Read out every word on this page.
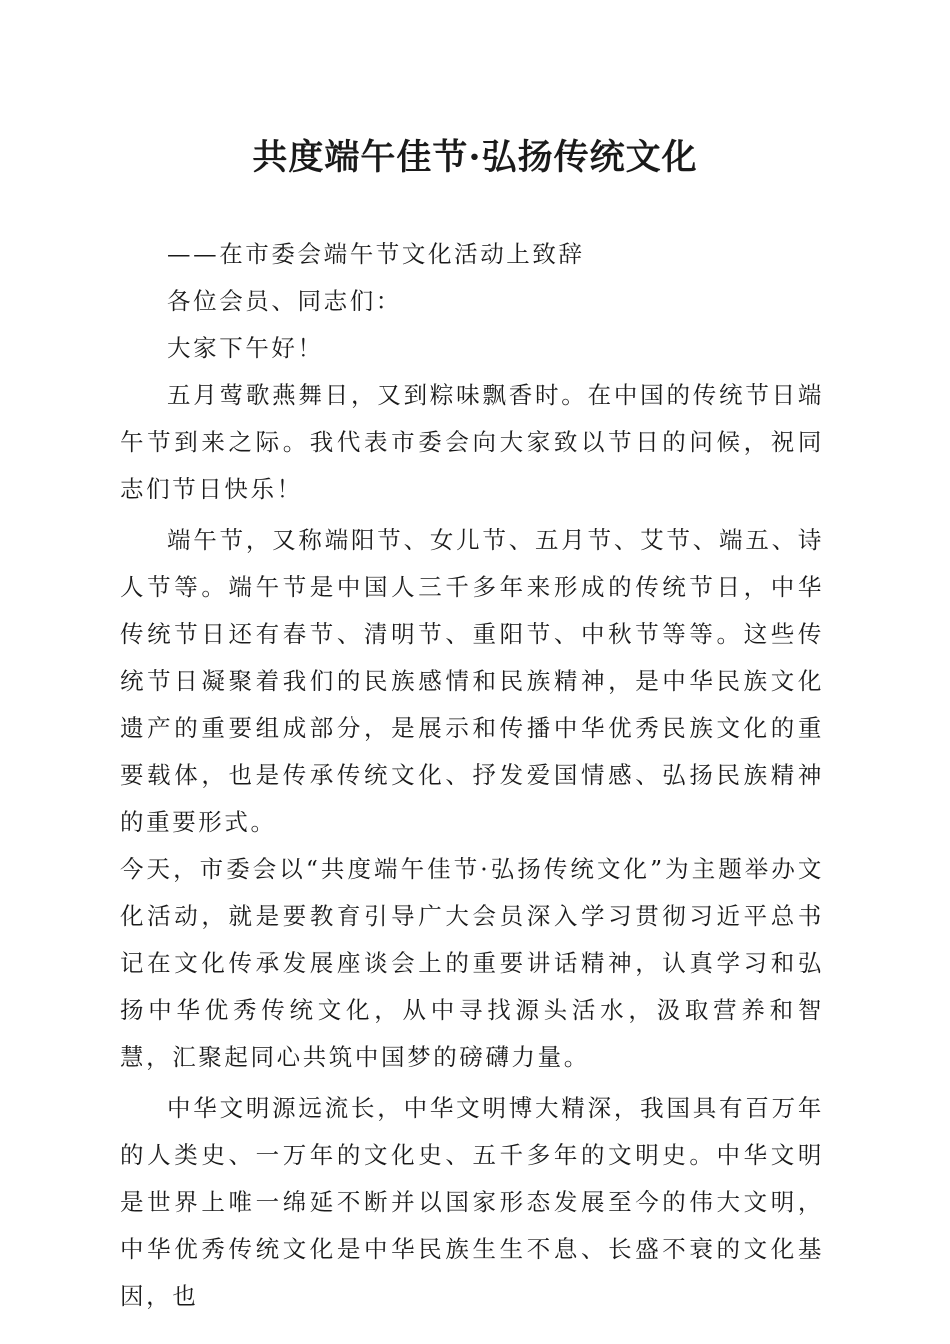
共度端午佳节·弘扬传统文化

——在市委会端午节文化活动上致辞

各位会员、同志们：

大家下午好！

五月莺歌燕舞日，又到粽味飘香时。在中国的传统节日端午节到来之际。我代表市委会向大家致以节日的问候，祝同志们节日快乐！

端午节，又称端阳节、女儿节、五月节、艾节、端五、诗人节等。端午节是中国人三千多年来形成的传统节日，中华传统节日还有春节、清明节、重阳节、中秋节等等。这些传统节日凝聚着我们的民族感情和民族精神，是中华民族文化遗产的重要组成部分，是展示和传播中华优秀民族文化的重要载体，也是传承传统文化、抒发爱国情感、弘扬民族精神的重要形式。

今天，市委会以“共度端午佳节·弘扬传统文化”为主题举办文化活动，就是要教育引导广大会员深入学习贯彻习近平总书记在文化传承发展座谈会上的重要讲话精神，认真学习和弘扬中华优秀传统文化，从中寻找源头活水，汲取营养和智慧，汇聚起同心共筑中国梦的磅礴力量。

中华文明源远流长，中华文明博大精深，我国具有百万年的人类史、一万年的文化史、五千多年的文明史。中华文明是世界上唯一绵延不断并以国家形态发展至今的伟大文明，中华优秀传统文化是中华民族生生不息、长盛不衰的文化基因，也
